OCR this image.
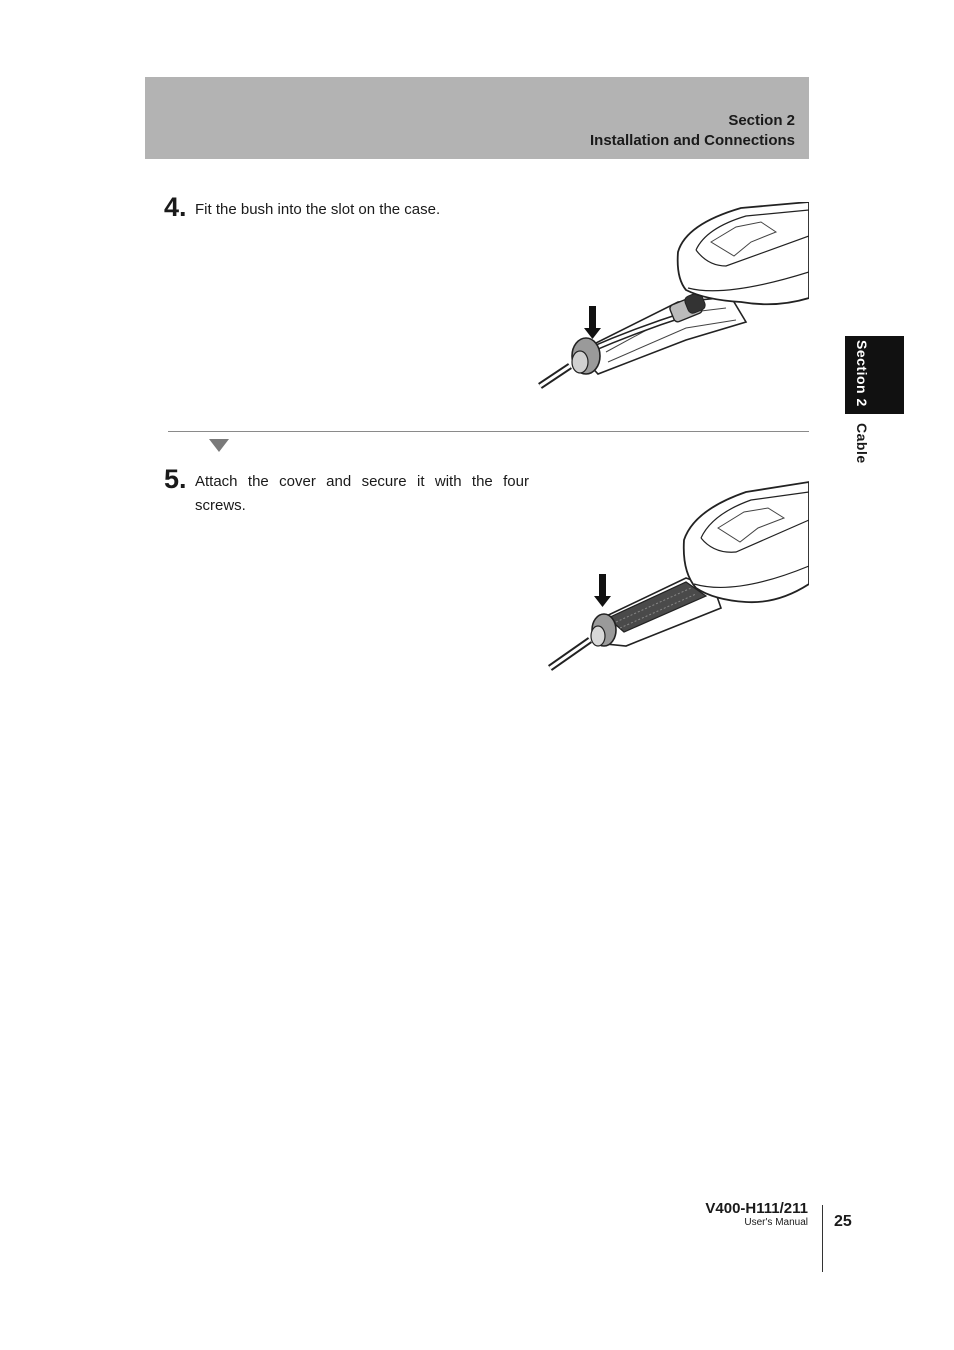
Section 2
Installation and Connections
Section 2
Cable
4. Fit the bush into the slot on the case.
5. Attach the cover and secure it with the four screws.
V400-H111/211
User's Manual 25
